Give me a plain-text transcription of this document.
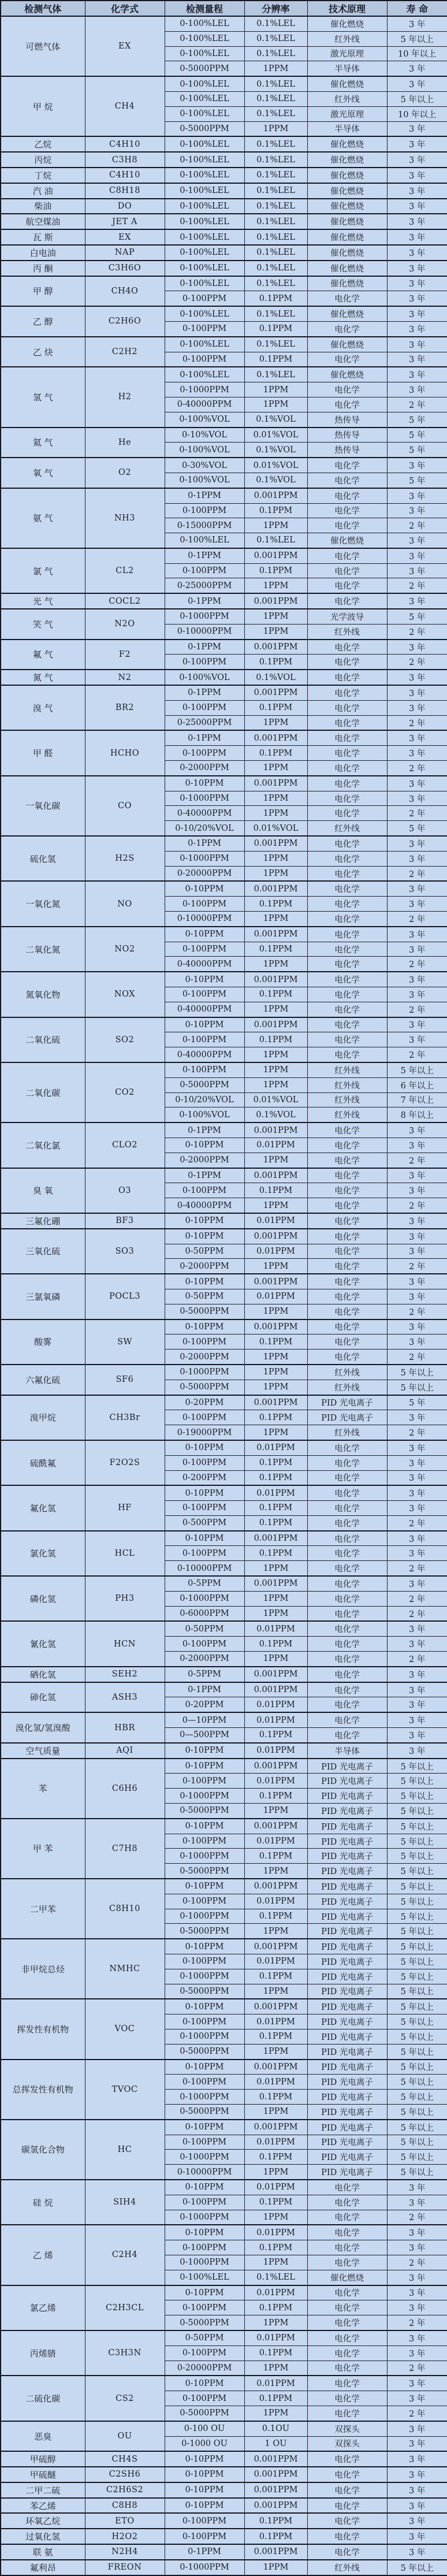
检测气体	化学式	检测量程	分辨率	技术原理	寿 命
可燃气体	EX	0-100%LEL	0.1%LEL	催化燃烧	3 年
		0-100%LEL	0.1%LEL	红外线	5 年以上
		0-100%LEL	0.1%LEL	激光原理	10 年以上
		0-5000PPM	1PPM	半导体	3 年
甲 烷	CH4	0-100%LEL	0.1%LEL	催化燃烧	3 年
		0-100%LEL	0.1%LEL	红外线	5 年以上
		0-100%LEL	0.1%LEL	激光原理	10 年以上
		0-5000PPM	1PPM	半导体	3 年
乙烷	C4H10	0-100%LEL	0.1%LEL	催化燃烧	3 年
丙烷	C3H8	0-100%LEL	0.1%LEL	催化燃烧	3 年
丁烷	C4H10	0-100%LEL	0.1%LEL	催化燃烧	3 年
汽 油	C8H18	0-100%LEL	0.1%LEL	催化燃烧	3 年
柴油	DO	0-100%LEL	0.1%LEL	催化燃烧	3 年
航空煤油	JET A	0-100%LEL	0.1%LEL	催化燃烧	3 年
瓦 斯	EX	0-100%LEL	0.1%LEL	催化燃烧	3 年
白电油	NAP	0-100%LEL	0.1%LEL	催化燃烧	3 年
丙 酮	C3H6O	0-100%LEL	0.1%LEL	催化燃烧	3 年
甲 醇	CH4O	0-100%LEL	0.1%LEL	催化燃烧	3 年
		0-100PPM	0.1PPM	电化学	3 年
乙 醇	C2H6O	0-100%LEL	0.1%LEL	催化燃烧	3 年
		0-100PPM	0.1PPM	电化学	3 年
乙 炔	C2H2	0-100%LEL	0.1%LEL	催化燃烧	3 年
		0-100PPM	0.1PPM	电化学	3 年
氢 气	H2	0-100%LEL	0.1%LEL	催化燃烧	3 年
		0-1000PPM	1PPM	电化学	3 年
		0-40000PPM	1PPM	电化学	2 年
		0-100%VOL	0.1%VOL	热传导	5 年
氦 气	He	0-10%VOL	0.01%VOL	热传导	5 年
		0-100%VOL	0.1%VOL	热传导	5 年
氧 气	O2	0-30%VOL	0.01%VOL	电化学	3 年
		0-100%VOL	0.1%VOL	电化学	5 年
氨 气	NH3	0-1PPM	0.001PPM	电化学	3 年
		0-100PPM	0.1PPM	电化学	3 年
		0-15000PPM	1PPM	电化学	2 年
		0-100%LEL	0.1%LEL	催化燃烧	3 年
氯 气	CL2	0-1PPM	0.001PPM	电化学	3 年
		0-100PPM	0.1PPM	电化学	3 年
		0-25000PPM	1PPM	电化学	2 年
光 气	COCL2	0-1PPM	0.001PPM	电化学	3 年
笑 气	N2O	0-1000PPM	1PPM	光学波导	5 年
		0-10000PPM	1PPM	红外线	2 年
氟 气	F2	0-1PPM	0.001PPM	电化学	3 年
		0-100PPM	0.1PPM	电化学	2 年
氮 气	N2	0-100%VOL	0.1%VOL	电化学	3 年
溴 气	BR2	0-1PPM	0.001PPM	电化学	3 年
		0-100PPM	0.1PPM	电化学	3 年
		0-25000PPM	1PPM	电化学	2 年
甲 醛	HCHO	0-1PPM	0.001PPM	电化学	3 年
		0-100PPM	0.1PPM	电化学	3 年
		0-2000PPM	1PPM	电化学	2 年
一氧化碳	CO	0-10PPM	0.001PPM	电化学	3 年
		0-1000PPM	1PPM	电化学	3 年
		0-40000PPM	1PPM	电化学	2 年
		0-10/20%VOL	0.01%VOL	红外线	5 年
硫化氢	H2S	0-1PPM	0.001PPM	电化学	3 年
		0-1000PPM	1PPM	电化学	3 年
		0-20000PPM	1PPM	电化学	2 年
一氧化氮	NO	0-10PPM	0.001PPM	电化学	3 年
		0-100PPM	0.1PPM	电化学	3 年
		0-10000PPM	1PPM	电化学	2 年
二氧化氮	NO2	0-10PPM	0.001PPM	电化学	3 年
		0-100PPM	0.1PPM	电化学	3 年
		0-40000PPM	1PPM	电化学	2 年
氮氧化物	NOX	0-10PPM	0.001PPM	电化学	3 年
		0-100PPM	0.1PPM	电化学	3 年
		0-40000PPM	1PPM	电化学	2 年
二氧化硫	SO2	0-10PPM	0.001PPM	电化学	3 年
		0-100PPM	0.1PPM	电化学	3 年
		0-40000PPM	1PPM	电化学	2 年
二氧化碳	CO2	0-100PPM	1PPM	红外线	5 年以上
		0-5000PPM	1PPM	红外线	6 年以上
		0-10/20%VOL	0.01%VOL	红外线	7 年以上
		0-100%VOL	0.1%VOL	红外线	8 年以上
二氧化氯	CLO2	0-1PPM	0.001PPM	电化学	3 年
		0-10PPM	0.01PPM	电化学	3 年
		0-2000PPM	1PPM	电化学	2 年
臭 氧	O3	0-1PPM	0.001PPM	电化学	3 年
		0-100PPM	0.1PPM	电化学	3 年
		0-40000PPM	1PPM	电化学	2 年
三氟化硼	BF3	0-10PPM	0.01PPM	电化学	3 年
三氧化硫	SO3	0-10PPM	0.001PPM	电化学	3 年
		0-50PPM	0.01PPM	电化学	3 年
		0-2000PPM	1PPM	电化学	2 年
三氯氧磷	POCL3	0-10PPM	0.001PPM	电化学	3 年
		0-50PPM	0.01PPM	电化学	3 年
		0-5000PPM	1PPM	电化学	2 年
酸雾	SW	0-10PPM	0.001PPM	电化学	3 年
		0-100PPM	0.1PPM	电化学	3 年
		0-2000PPM	1PPM	电化学	2 年
六氟化硫	SF6	0-1000PPM	1PPM	红外线	5 年以上
		0-5000PPM	1PPM	红外线	5 年以上
溴甲烷	CH3Br	0-20PPM	0.001PPM	PID 光电离子	5 年
		0-100PPM	0.1PPM	PID 光电离子	3 年
		0-19000PPM	1PPM	红外线	2 年
硫酰氟	F2O2S	0-10PPM	0.01PPM	电化学	3 年
		0-100PPM	0.1PPM	电化学	3 年
		0-200PPM	0.1PPM	电化学	3 年
氟化氢	HF	0-10PPM	0.01PPM	电化学	3 年
		0-100PPM	0.1PPM	电化学	3 年
		0-500PPM	0.1PPM	电化学	2 年
氯化氢	HCL	0-10PPM	0.001PPM	电化学	3 年
		0-100PPM	0.1PPM	电化学	3 年
		0-10000PPM	1PPM	电化学	2 年
磷化氢	PH3	0-5PPM	0.001PPM	电化学	3 年
		0-1000PPM	1PPM	电化学	2 年
		0-6000PPM	1PPM	电化学	2 年
氰化氢	HCN	0-50PPM	0.01PPM	电化学	3 年
		0-100PPM	0.1PPM	电化学	3 年
		0-2000PPM	1PPM	电化学	2 年
硒化氢	SEH2	0-5PPM	0.001PPM	电化学	3 年
砷化氢	ASH3	0-1PPM	0.001PPM	电化学	3 年
		0-20PPM	0.01PPM	电化学	3 年
溴化氢/氢溴酸	HBR	0—10PPM	0.01PPM	电化学	3 年
		0—500PPM	0.1PPM	电化学	3 年
空气质量	AQI	0-10PPM	0.01PPM	半导体	3 年
苯	C6H6	0-10PPM	0.001PPM	PID 光电离子	5 年以上
		0-100PPM	0.01PPM	PID 光电离子	5 年以上
		0-1000PPM	0.1PPM	PID 光电离子	5 年以上
		0-5000PPM	1PPM	PID 光电离子	5 年以上
甲 苯	C7H8	0-10PPM	0.001PPM	PID 光电离子	5 年以上
		0-100PPM	0.01PPM	PID 光电离子	5 年以上
		0-1000PPM	0.1PPM	PID 光电离子	5 年以上
		0-5000PPM	1PPM	PID 光电离子	5 年以上
二甲苯	C8H10	0-10PPM	0.001PPM	PID 光电离子	5 年以上
		0-100PPM	0.01PPM	PID 光电离子	5 年以上
		0-1000PPM	0.1PPM	PID 光电离子	5 年以上
		0-5000PPM	1PPM	PID 光电离子	5 年以上
非甲烷总烃	NMHC	0-10PPM	0.001PPM	PID 光电离子	5 年以上
		0-100PPM	0.01PPM	PID 光电离子	5 年以上
		0-1000PPM	0.1PPM	PID 光电离子	5 年以上
		0-5000PPM	1PPM	PID 光电离子	5 年以上
挥发性有机物	VOC	0-10PPM	0.001PPM	PID 光电离子	5 年以上
		0-100PPM	0.01PPM	PID 光电离子	5 年以上
		0-1000PPM	0.1PPM	PID 光电离子	5 年以上
		0-5000PPM	1PPM	PID 光电离子	5 年以上
总挥发性有机物	TVOC	0-10PPM	0.001PPM	PID 光电离子	5 年以上
		0-100PPM	0.01PPM	PID 光电离子	5 年以上
		0-1000PPM	0.1PPM	PID 光电离子	5 年以上
		0-5000PPM	1PPM	PID 光电离子	5 年以上
碳氢化合物	HC	0-10PPM	0.001PPM	PID 光电离子	5 年以上
		0-100PPM	0.01PPM	PID 光电离子	5 年以上
		0-1000PPM	0.1PPM	PID 光电离子	5 年以上
		0-10000PPM	1PPM	PID 光电离子	5 年以上
硅 烷	SIH4	0-10PPM	0.01PPM	电化学	3 年
		0-100PPM	0.1PPM	电化学	3 年
		0-1000PPM	1PPM	电化学	2 年
乙 烯	C2H4	0-10PPM	0.01PPM	电化学	3 年
		0-100PPM	0.1PPM	电化学	3 年
		0-1000PPM	1PPM	电化学	2 年
		0-100%LEL	0.1%LEL	催化燃烧	3 年
氯乙烯	C2H3CL	0-10PPM	0.01PPM	电化学	3 年
		0-100PPM	0.1PPM	电化学	3 年
		0-5000PPM	1PPM	电化学	2 年
丙烯腈	C3H3N	0-50PPM	0.01PPM	电化学	3 年
		0-100PPM	0.1PPM	电化学	3 年
		0-20000PPM	1PPM	电化学	2 年
二硫化碳	CS2	0-10PPM	0.01PPM	电化学	3 年
		0-100PPM	0.1PPM	电化学	3 年
		0-5000PPM	1PPM	电化学	2 年
恶臭	OU	0-100 OU	0.1OU	双探头	3 年
		0-1000 OU	1 OU	双探头	3 年
甲硫醇	CH4S	0-10PPM	0.001PPM	电化学	3 年
甲硫醚	C2SH6	0-10PPM	0.001PPM	电化学	3 年
二甲二硫	C2H6S2	0-10PPM	0.001PPM	电化学	3 年
苯乙烯	C8H8	0-10PPM	0.001PPM	电化学	3 年
环氧乙烷	ETO	0-100PPM	0.1PPM	电化学	3 年
过氧化氢	H2O2	0-100PPM	0.1PPM	电化学	3 年
联 氨	N2H4	0-1PPM	0.001PPM	电化学	3 年
氟利昂	FREON	0-1000PPM	1PPM	红外线	5 年以上
